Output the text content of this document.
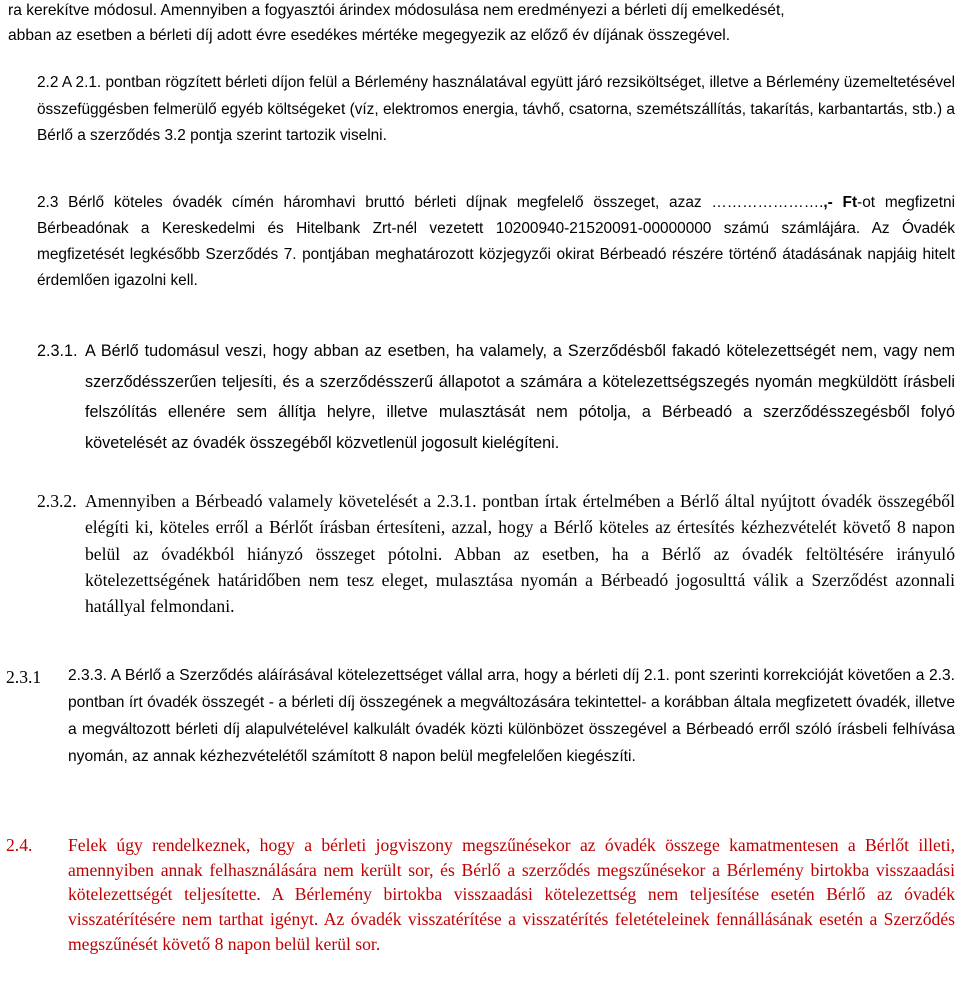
ra kerekítve módosul. Amennyiben a fogyasztói árindex módosulása nem eredményezi a bérleti díj emelkedését,

abban az esetben a bérleti díj adott évre esedékes mértéke megegyezik az előző év díjának összegével.

2.2 A 2.1. pontban rögzített bérleti díjon felül a Bérlemény használatával együtt járó rezsiköltséget, illetve a Bérlemény üzemeltetésével összefüggésben felmerülő egyéb költségeket (víz, elektromos energia, távhő, csatorna, szemétszállítás, takarítás, karbantartás, stb.) a Bérlő a szerződés 3.2 pontja szerint tartozik viselni.

2.3 Bérlő köteles óvadék címén háromhavi bruttó bérleti díjnak megfelelő összeget, azaz ………………….,- Ft-ot megfizetni Bérbeadónak a Kereskedelmi és Hitelbank Zrt-nél vezetett 10200940-21520091-00000000 számú számlájára. Az Óvadék megfizetését legkésőbb Szerződés 7. pontjában meghatározott közjegyzői okirat Bérbeadó részére történő átadásának napjáig hitelt érdemlően igazolni kell.

2.3.1. A Bérlő tudomásul veszi, hogy abban az esetben, ha valamely, a Szerződésből fakadó kötelezettségét nem, vagy nem szerződésszerűen teljesíti, és a szerződésszerű állapotot a számára a kötelezettségszegés nyomán megküldött írásbeli felszólítás ellenére sem állítja helyre, illetve mulasztását nem pótolja, a Bérbeadó a szerződésszegésből folyó követelését az óvadék összegéből közvetlenül jogosult kielégíteni.

2.3.2. Amennyiben a Bérbeadó valamely követelését a 2.3.1. pontban írtak értelmében a Bérlő által nyújtott óvadék összegéből elégíti ki, köteles erről a Bérlőt írásban értesíteni, azzal, hogy a Bérlő köteles az értesítés kézhezvételét követő 8 napon belül az óvadékból hiányzó összeget pótolni. Abban az esetben, ha a Bérlő az óvadék feltöltésére irányuló kötelezettségének határidőben nem tesz eleget, mulasztása nyomán a Bérbeadó jogosulttá válik a Szerződést azonnali hatállyal felmondani.

2.3.1	2.3.3. A Bérlő a Szerződés aláírásával kötelezettséget vállal arra, hogy a bérleti díj 2.1. pont szerinti korrekcióját követően a 2.3. pontban írt óvadék összegét - a bérleti díj összegének a megváltozására tekintettel- a korábban általa megfizetett óvadék, illetve a megváltozott bérleti díj alapulvételével kalkulált óvadék közti különbözet összegével a Bérbeadó erről szóló írásbeli felhívása nyomán, az annak kézhezvételétől számított 8 napon belül megfelelően kiegészíti.

2.4.	Felek úgy rendelkeznek, hogy a bérleti jogviszony megszűnésekor az óvadék összege kamatmentesen a Bérlőt illeti, amennyiben annak felhasználására nem került sor, és Bérlő a szerződés megszűnésekor a Bérlemény birtokba visszaadási kötelezettségét teljesítette. A Bérlemény birtokba visszaadási kötelezettség nem teljesítése esetén Bérlő az óvadék visszatérítésére nem tarthat igényt. Az óvadék visszatérítése a visszatérítés feletételeinek fennállásának esetén a Szerződés megszűnését követő 8 napon belül kerül sor.
